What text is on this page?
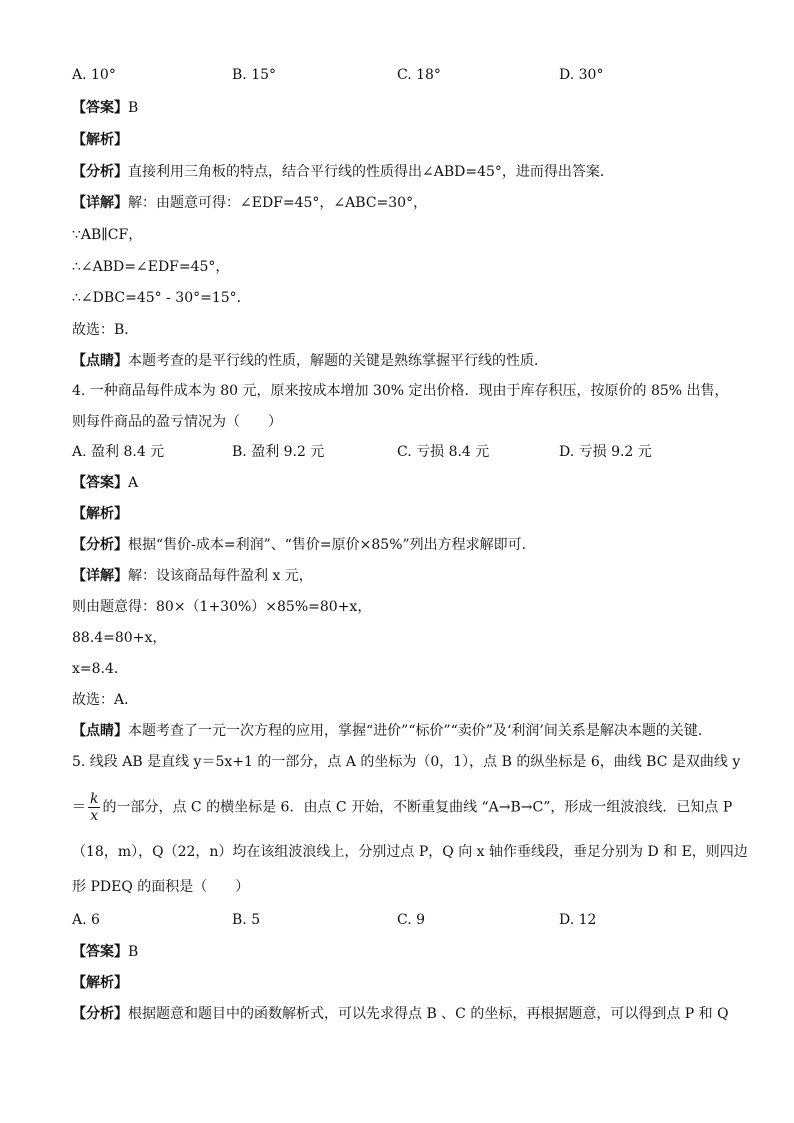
A. 10°	B. 15°	C. 18°	D. 30°
【答案】B
【解析】
【分析】直接利用三角板的特点，结合平行线的性质得出∠ABD=45°，进而得出答案．
【详解】解：由题意可得：∠EDF=45°，∠ABC=30°，
∵AB∥CF，
∴∠ABD=∠EDF=45°，
∴∠DBC=45° - 30°=15°．
故选：B．
【点睛】本题考查的是平行线的性质，解题的关键是熟练掌握平行线的性质．
4. 一种商品每件成本为 80 元，原来按成本增加 30% 定出价格．现由于库存积压，按原价的 85% 出售，
则每件商品的盈亏情况为（　　）
A. 盈利 8.4 元	B. 盈利 9.2 元	C. 亏损 8.4 元	D. 亏损 9.2 元
【答案】A
【解析】
【分析】根据“售价-成本=利润”、“售价=原价×85%”列出方程求解即可．
【详解】解：设该商品每件盈利 x 元，
则由题意得：80×（1+30%）×85%=80+x，
88.4=80+x，
x=8.4．
故选：A．
【点睛】本题考查了一元一次方程的应用，掌握“进价”“标价”“卖价”及‘利润’间关系是解决本题的关键．
5. 线段 AB 是直线 y＝5x+1 的一部分，点 A 的坐标为（0，1），点 B 的纵坐标是 6，曲线 BC 是双曲线 y
＝ $\frac{k}{x}$ 的一部分，点 C 的横坐标是 6．由点 C 开始，不断重复曲线 “A→B→C”，形成一组波浪线．已知点 P
（18，m），Q（22，n）均在该组波浪线上，分别过点 P，Q 向 x 轴作垂线段，垂足分别为 D 和 E，则四边
形 PDEQ 的面积是（　　）
A. 6	B. 5	C. 9	D. 12
【答案】B
【解析】
【分析】根据题意和题目中的函数解析式，可以先求得点 B 、C 的坐标，再根据题意，可以得到点 P 和 Q
